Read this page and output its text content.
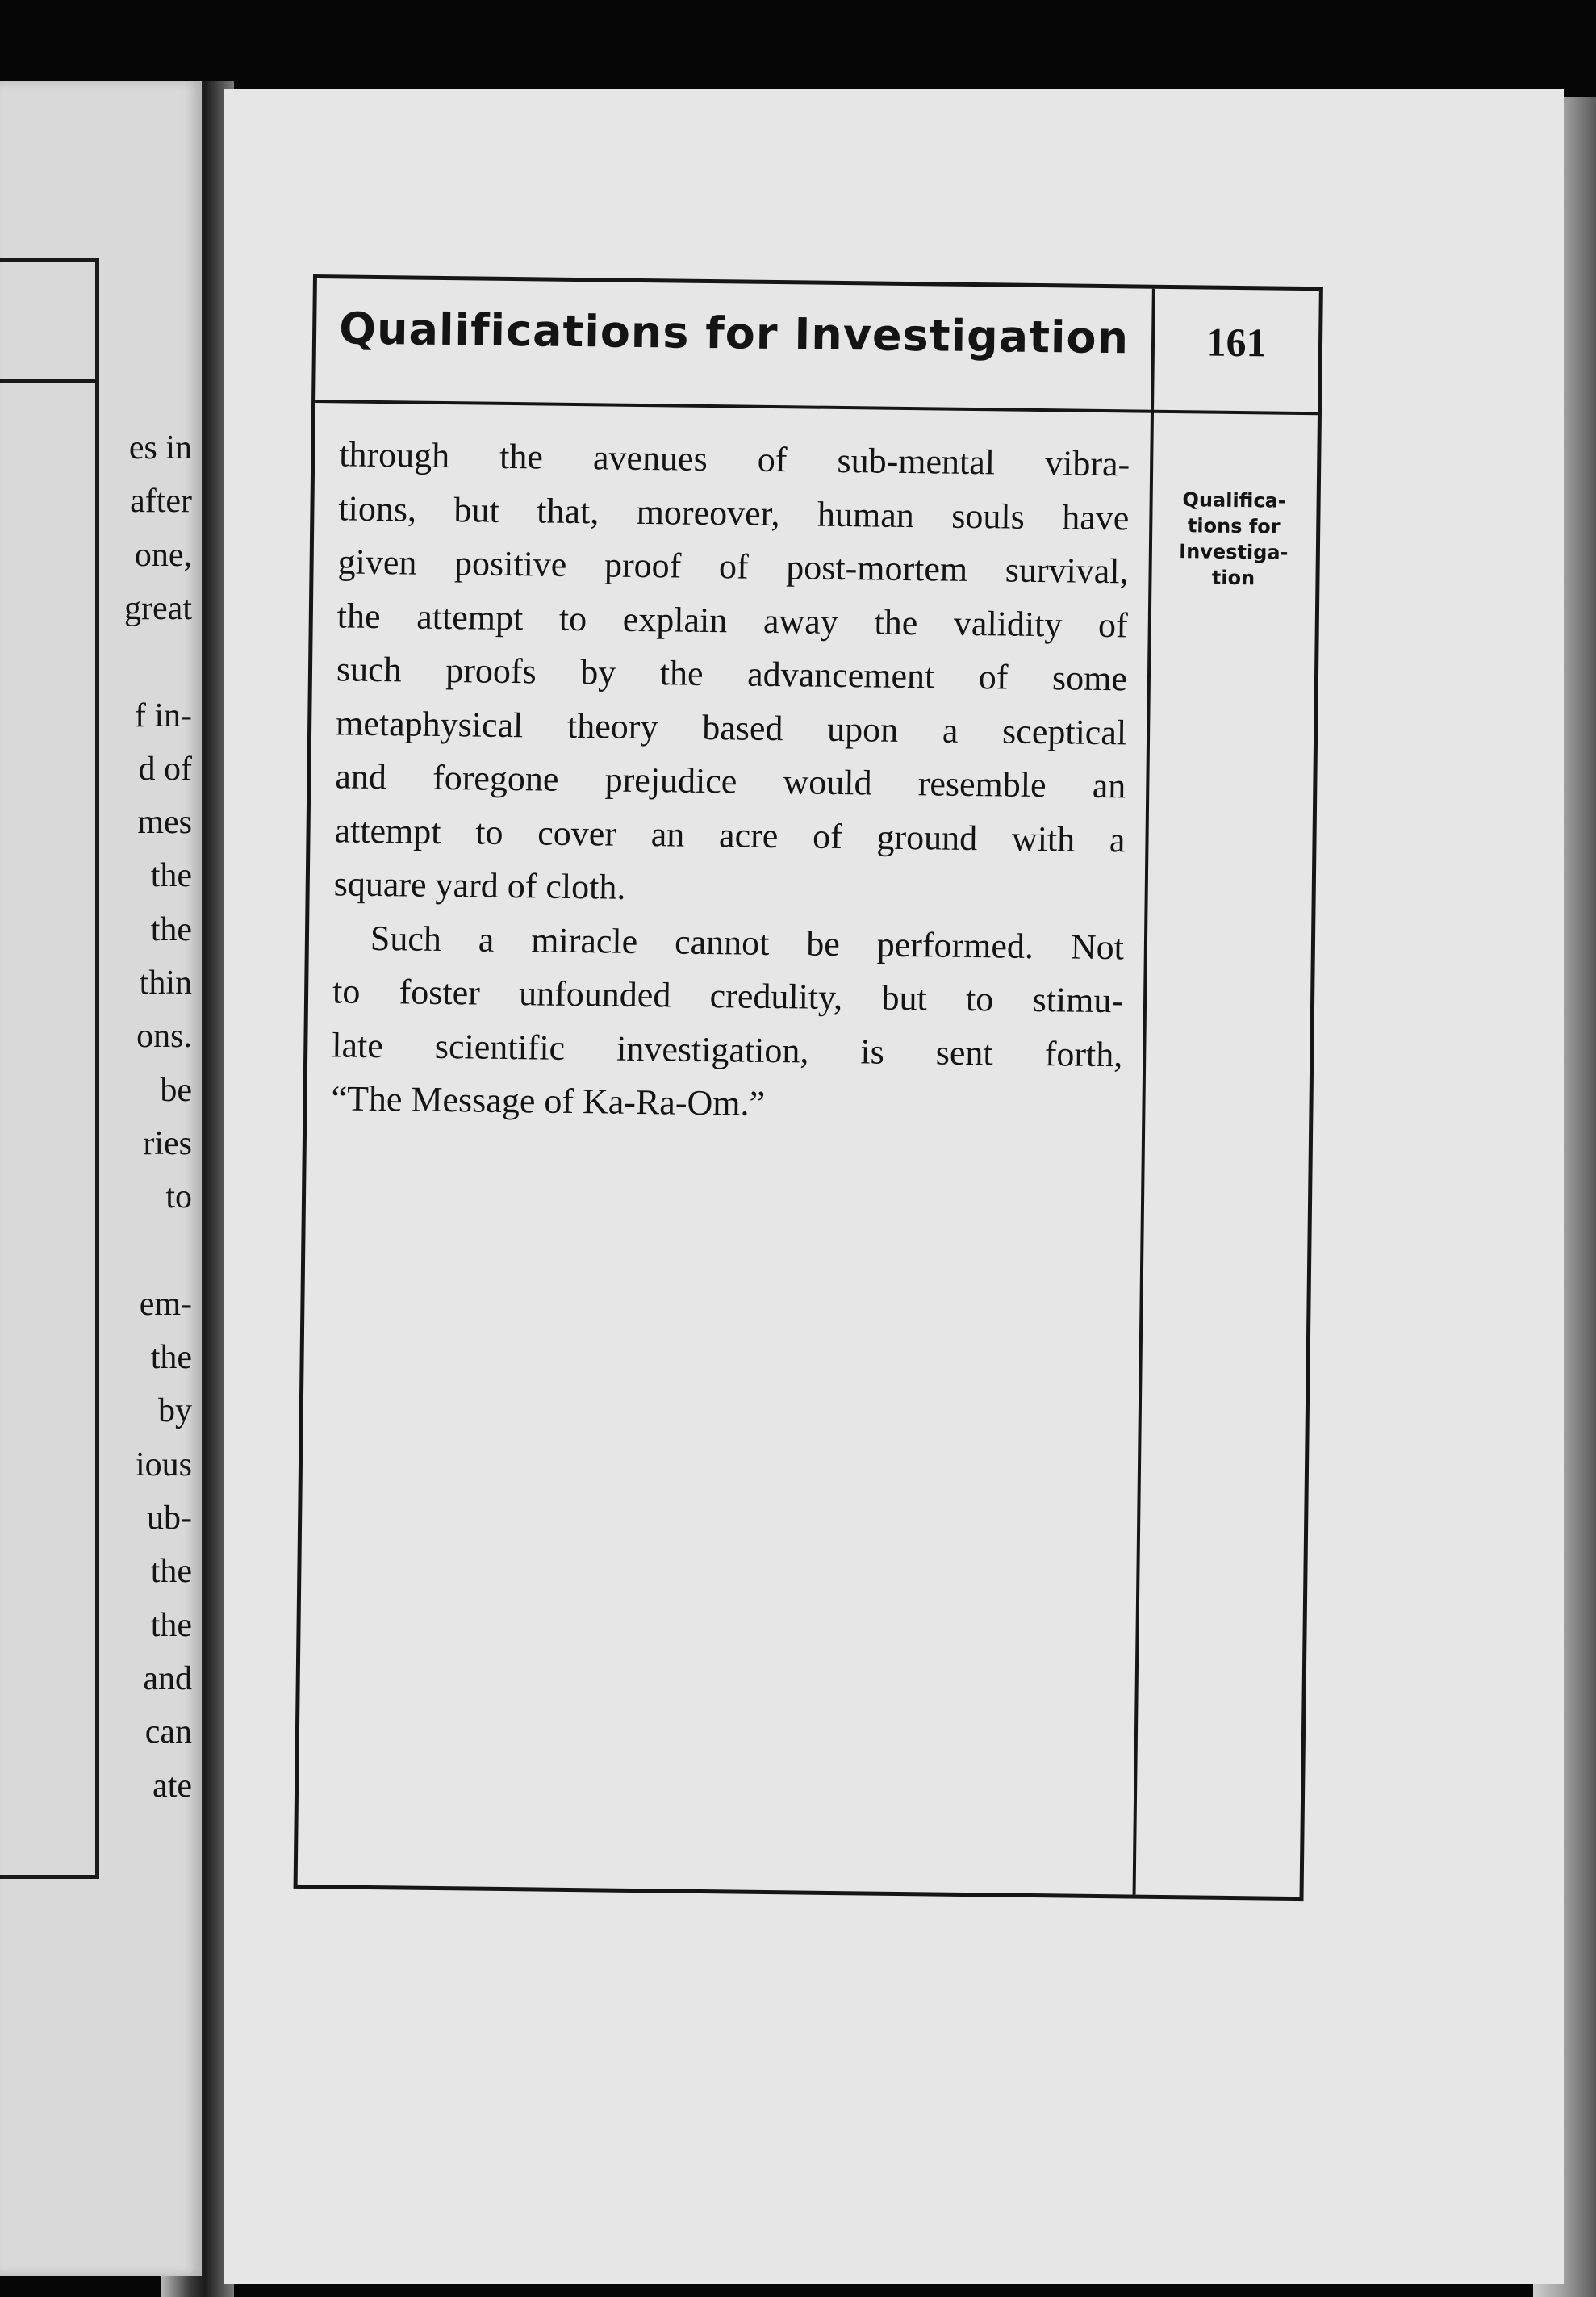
es in
after
one,
great
f in-
d of
mes
the
the
thin
ons.
be
ries
to
em-
the
by
ious
ub-
the
the
and
can
ate
Qualifications for Investigation	161
Qualifica-
tions for
Investiga-
tion
through the avenues of sub-mental vibra-
tions, but that, moreover, human souls have
given positive proof of post-mortem survival,
the attempt to explain away the validity of
such proofs by the advancement of some
metaphysical theory based upon a sceptical
and foregone prejudice would resemble an
attempt to cover an acre of ground with a
square yard of cloth.
Such a miracle cannot be performed. Not
to foster unfounded credulity, but to stimu-
late scientific investigation, is sent forth,
“The Message of Ka-Ra-Om.”
